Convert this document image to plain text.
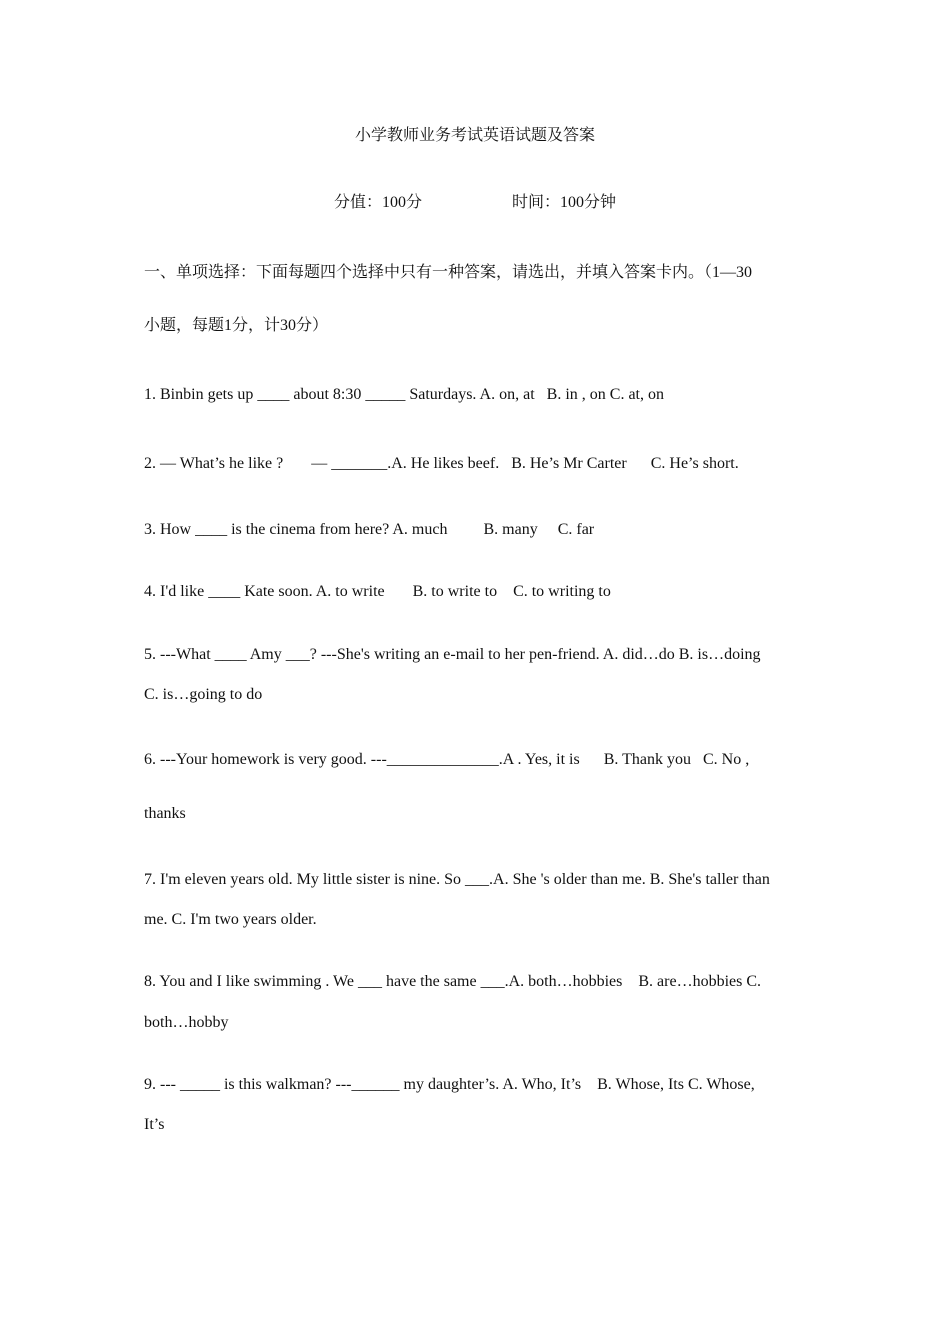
小学教师业务考试英语试题及答案
分值：100分	时间：100分钟
一、单项选择：下面每题四个选择中只有一种答案，请选出，并填入答案卡内。（1—30
小题，每题1分，计30分）
1. Binbin gets up ____ about 8:30 _____ Saturdays. A. on, at   B. in , on C. at, on
2. — What’s he like ?       — _______.A. He likes beef.   B. He’s Mr Carter      C. He’s short.
3. How ____ is the cinema from here? A. much         B. many     C. far
4. I'd like ____ Kate soon. A. to write       B. to write to    C. to writing to
5. ---What ____ Amy ___? ---She's writing an e-mail to her pen-friend. A. did…do B. is…doing
C. is…going to do
6. ---Your homework is very good. ---______________.A . Yes, it is      B. Thank you   C. No ,
thanks
7. I'm eleven years old. My little sister is nine. So ___.A. She 's older than me. B. She's taller than
me. C. I'm two years older.
8. You and I like swimming . We ___ have the same ___.A. both…hobbies    B. are…hobbies C.
both…hobby
9. --- _____ is this walkman? ---______ my daughter’s. A. Who, It’s    B. Whose, Its C. Whose,
It’s
